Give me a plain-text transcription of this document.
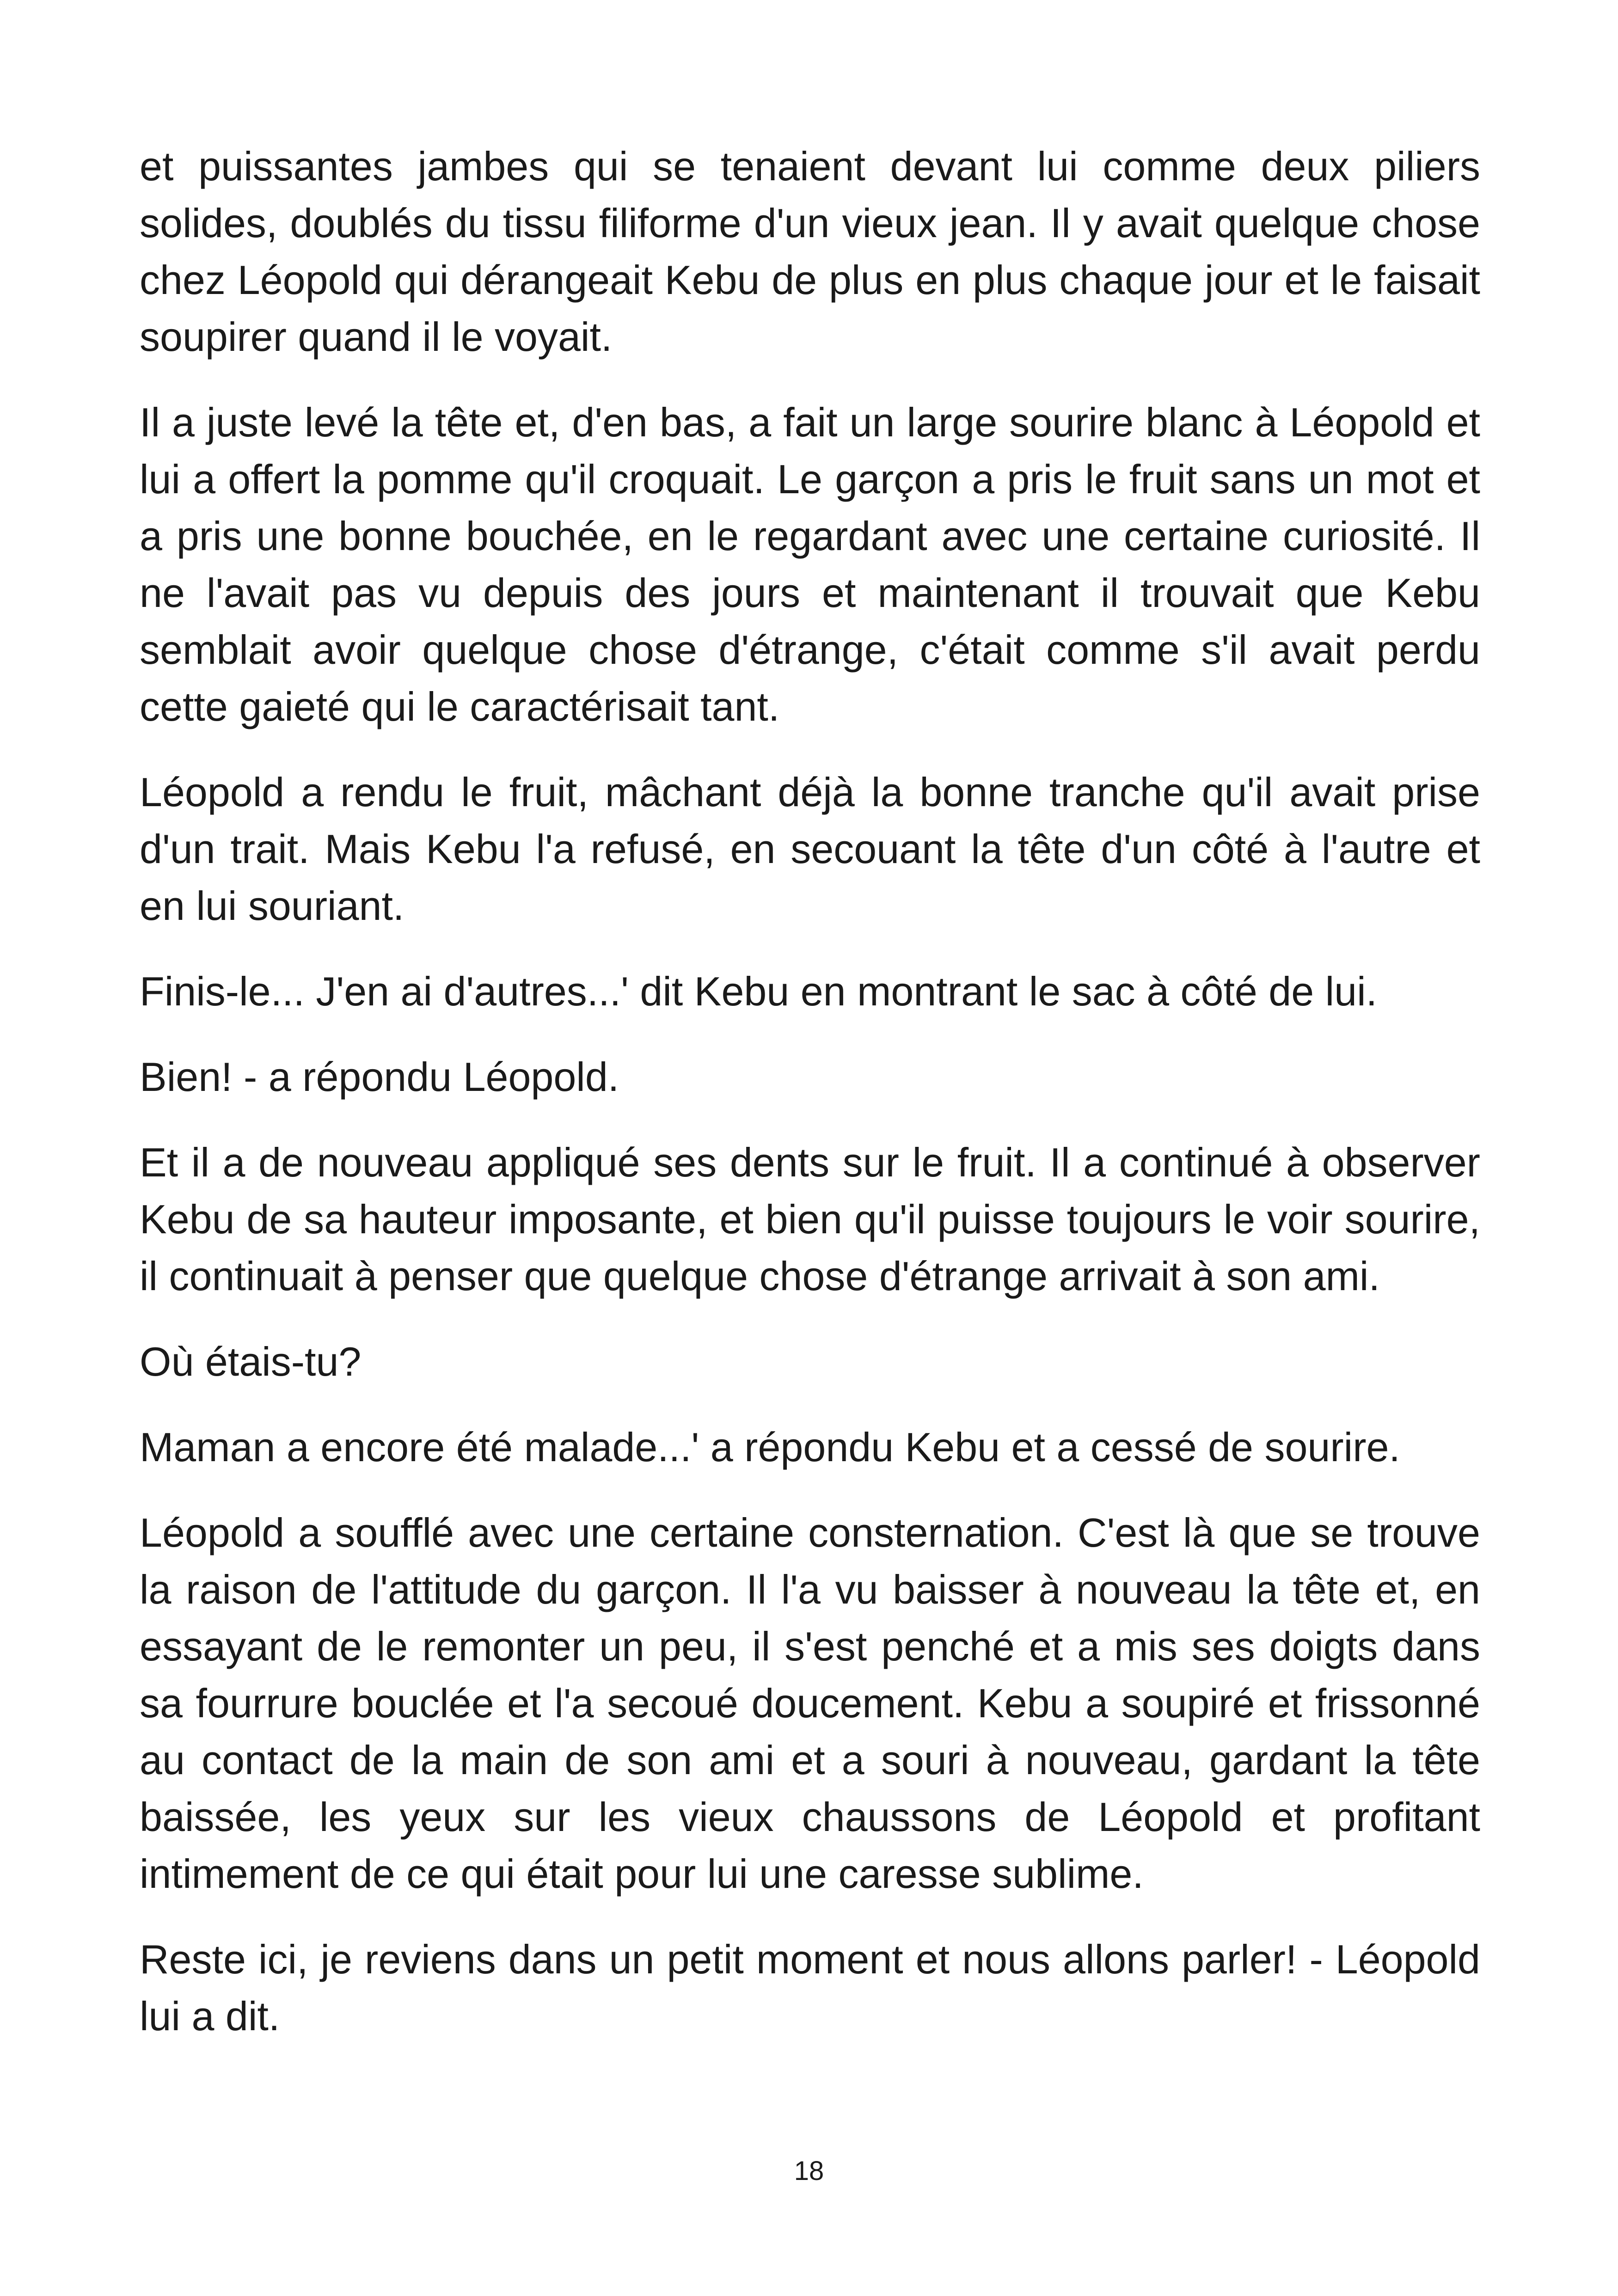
et puissantes jambes qui se tenaient devant lui comme deux piliers solides, doublés du tissu filiforme d'un vieux jean. Il y avait quelque chose chez Léopold qui dérangeait Kebu de plus en plus chaque jour et le faisait soupirer quand il le voyait.

Il a juste levé la tête et, d'en bas, a fait un large sourire blanc à Léopold et lui a offert la pomme qu'il croquait. Le garçon a pris le fruit sans un mot et a pris une bonne bouchée, en le regardant avec une certaine curiosité. Il ne l'avait pas vu depuis des jours et maintenant il trouvait que Kebu semblait avoir quelque chose d'étrange, c'était comme s'il avait perdu cette gaieté qui le caractérisait tant.

Léopold a rendu le fruit, mâchant déjà la bonne tranche qu'il avait prise d'un trait. Mais Kebu l'a refusé, en secouant la tête d'un côté à l'autre et en lui souriant.

Finis-le... J'en ai d'autres...' dit Kebu en montrant le sac à côté de lui.

Bien! - a répondu Léopold.

Et il a de nouveau appliqué ses dents sur le fruit. Il a continué à observer Kebu de sa hauteur imposante, et bien qu'il puisse toujours le voir sourire, il continuait à penser que quelque chose d'étrange arrivait à son ami.

Où étais-tu?

Maman a encore été malade...' a répondu Kebu et a cessé de sourire.

Léopold a soufflé avec une certaine consternation. C'est là que se trouve la raison de l'attitude du garçon. Il l'a vu baisser à nouveau la tête et, en essayant de le remonter un peu, il s'est penché et a mis ses doigts dans sa fourrure bouclée et l'a secoué doucement. Kebu a soupiré et frissonné au contact de la main de son ami et a souri à nouveau, gardant la tête baissée, les yeux sur les vieux chaussons de Léopold et profitant intimement de ce qui était pour lui une caresse sublime.

Reste ici, je reviens dans un petit moment et nous allons parler! - Léopold lui a dit.

18
